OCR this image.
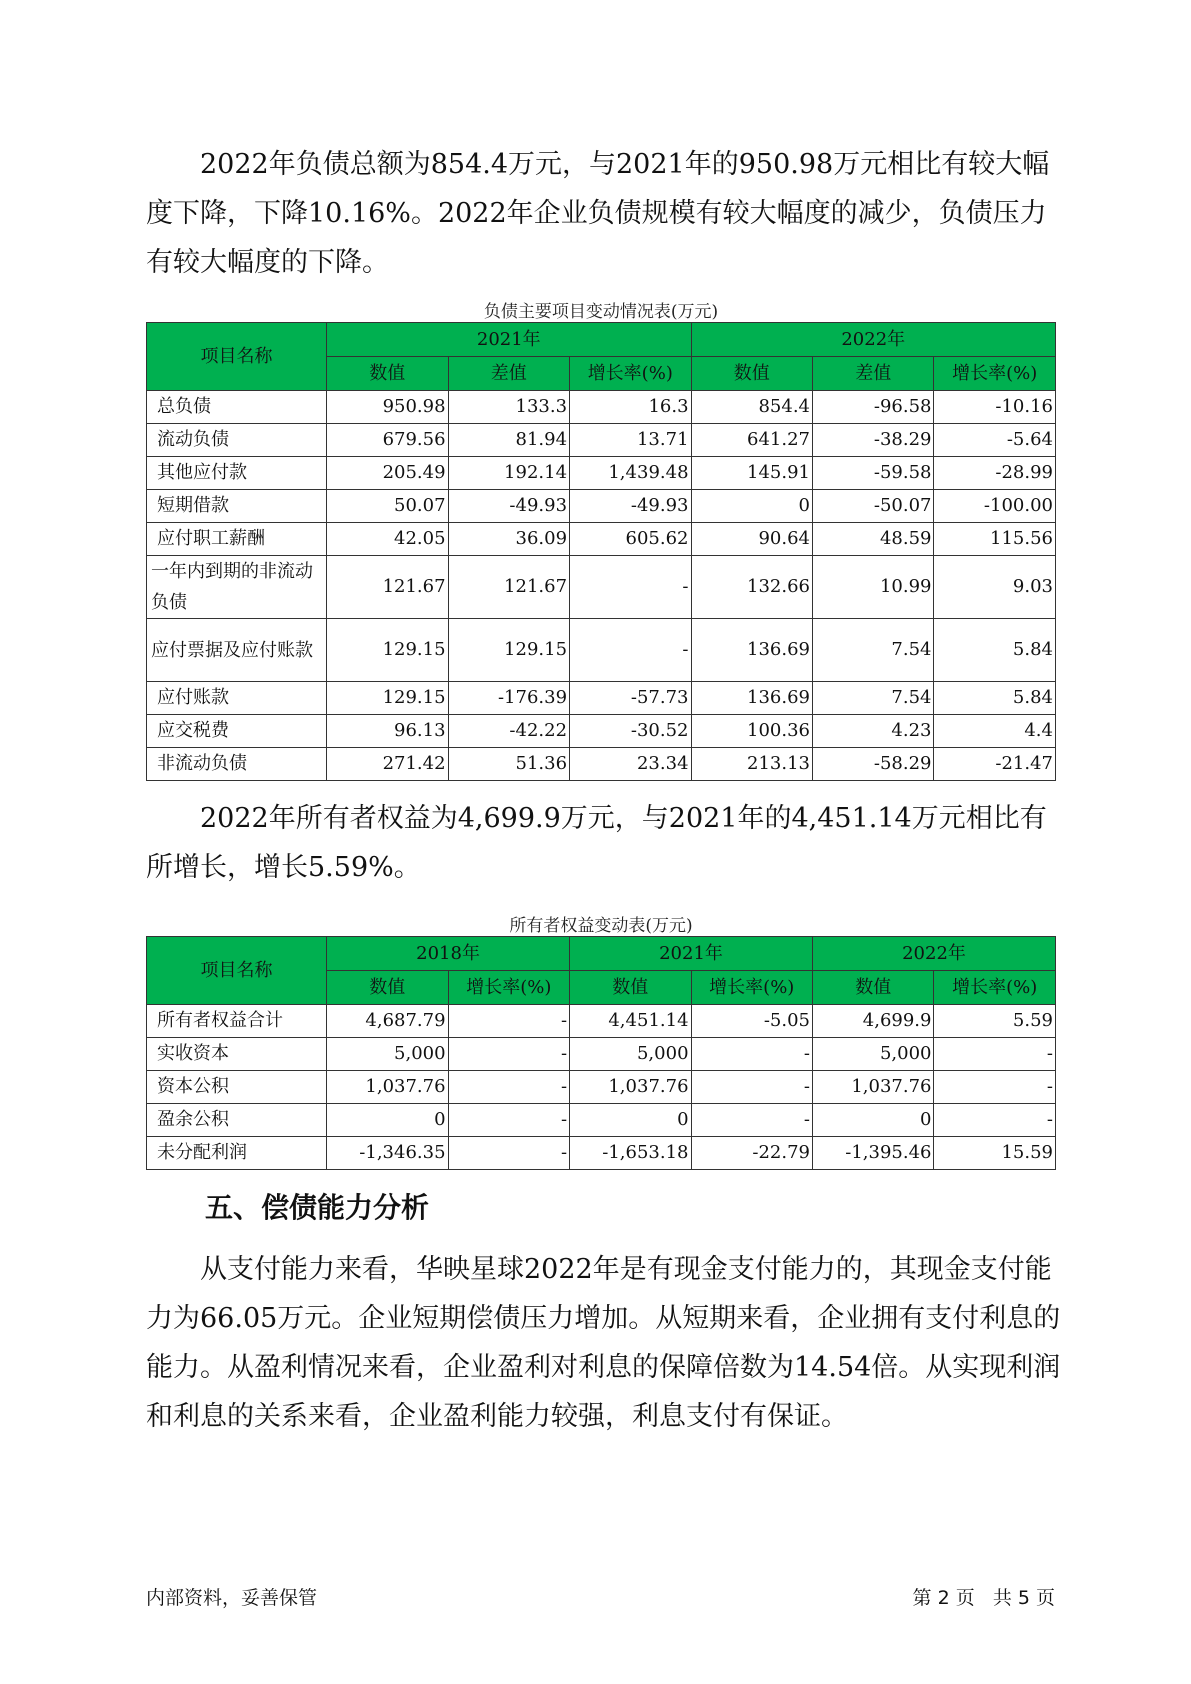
2022年负债总额为854.4万元，与2021年的950.98万元相比有较大幅度下降，下降10.16%。2022年企业负债规模有较大幅度的减少，负债压力有较大幅度的下降。

负债主要项目变动情况表(万元)
项目名称	2021年			2022年		
	数值	差值	增长率(%)	数值	差值	增长率(%)
总负债	950.98	133.3	16.3	854.4	-96.58	-10.16
流动负债	679.56	81.94	13.71	641.27	-38.29	-5.64
其他应付款	205.49	192.14	1,439.48	145.91	-59.58	-28.99
短期借款	50.07	-49.93	-49.93	0	-50.07	-100.00
应付职工薪酬	42.05	36.09	605.62	90.64	48.59	115.56
一年内到期的非流动负债	121.67	121.67	-	132.66	10.99	9.03
应付票据及应付账款	129.15	129.15	-	136.69	7.54	5.84
应付账款	129.15	-176.39	-57.73	136.69	7.54	5.84
应交税费	96.13	-42.22	-30.52	100.36	4.23	4.4
非流动负债	271.42	51.36	23.34	213.13	-58.29	-21.47

2022年所有者权益为4,699.9万元，与2021年的4,451.14万元相比有所增长，增长5.59%。

所有者权益变动表(万元)
项目名称	2018年		2021年		2022年	
	数值	增长率(%)	数值	增长率(%)	数值	增长率(%)
所有者权益合计	4,687.79	-	4,451.14	-5.05	4,699.9	5.59
实收资本	5,000	-	5,000	-	5,000	-
资本公积	1,037.76	-	1,037.76	-	1,037.76	-
盈余公积	0	-	0	-	0	-
未分配利润	-1,346.35	-	-1,653.18	-22.79	-1,395.46	15.59
五、偿债能力分析

从支付能力来看，华映星球2022年是有现金支付能力的，其现金支付能力为66.05万元。企业短期偿债压力增加。从短期来看，企业拥有支付利息的能力。从盈利情况来看，企业盈利对利息的保障倍数为14.54倍。从实现利润和利息的关系来看，企业盈利能力较强，利息支付有保证。

内部资料，妥善保管	第 2 页   共 5 页
